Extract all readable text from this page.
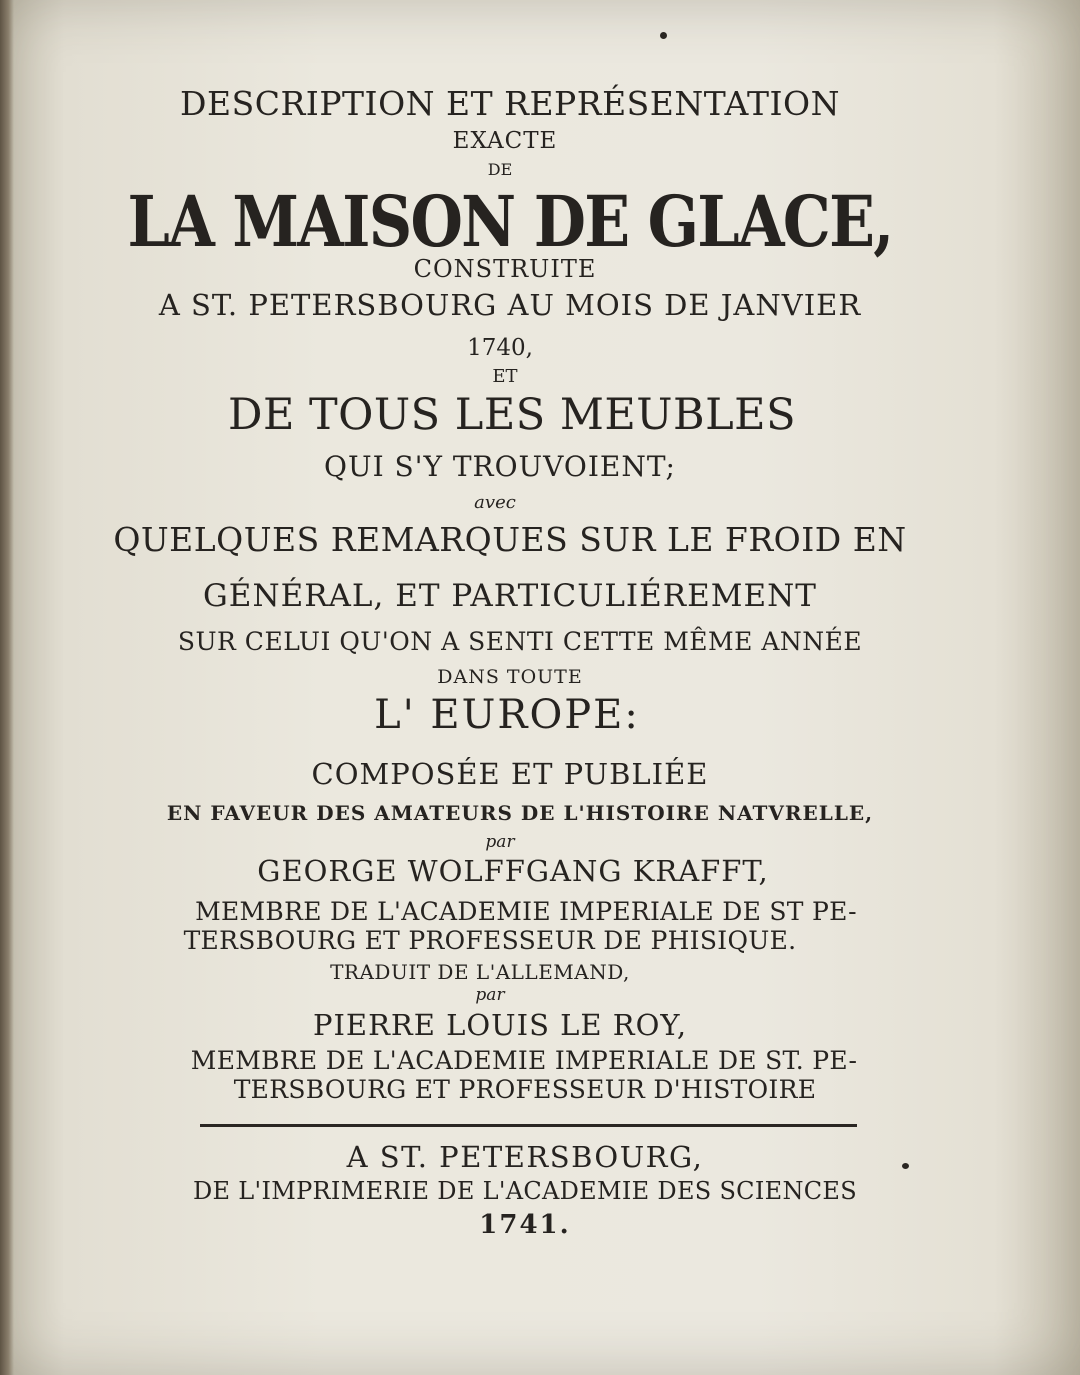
DESCRIPTION ET REPRÉSENTATION
EXACTE
DE
LA MAISON DE GLACE,
CONSTRUITE
A ST. PETERSBOURG AU MOIS DE JANVIER
1740,
ET
DE TOUS LES MEUBLES
QUI S'Y TROUVOIENT;
avec
QUELQUES REMARQUES SUR LE FROID EN
GÉNÉRAL, ET PARTICULIÉREMENT
SUR CELUI QU'ON A SENTI CETTE MÊME ANNÉE
DANS TOUTE
L' EUROPE:
COMPOSÉE ET PUBLIÉE
EN FAVEUR DES AMATEURS DE L'HISTOIRE NATVRELLE,
par
GEORGE WOLFFGANG KRAFFT,
MEMBRE DE L'ACADEMIE IMPERIALE DE ST PE-
TERSBOURG ET PROFESSEUR DE PHISIQUE.
TRADUIT DE L'ALLEMAND,
par
PIERRE LOUIS LE ROY,
MEMBRE DE L'ACADEMIE IMPERIALE DE ST. PE-
TERSBOURG ET PROFESSEUR D'HISTOIRE
A ST. PETERSBOURG,
DE L'IMPRIMERIE DE L'ACADEMIE DES SCIENCES
1741.
